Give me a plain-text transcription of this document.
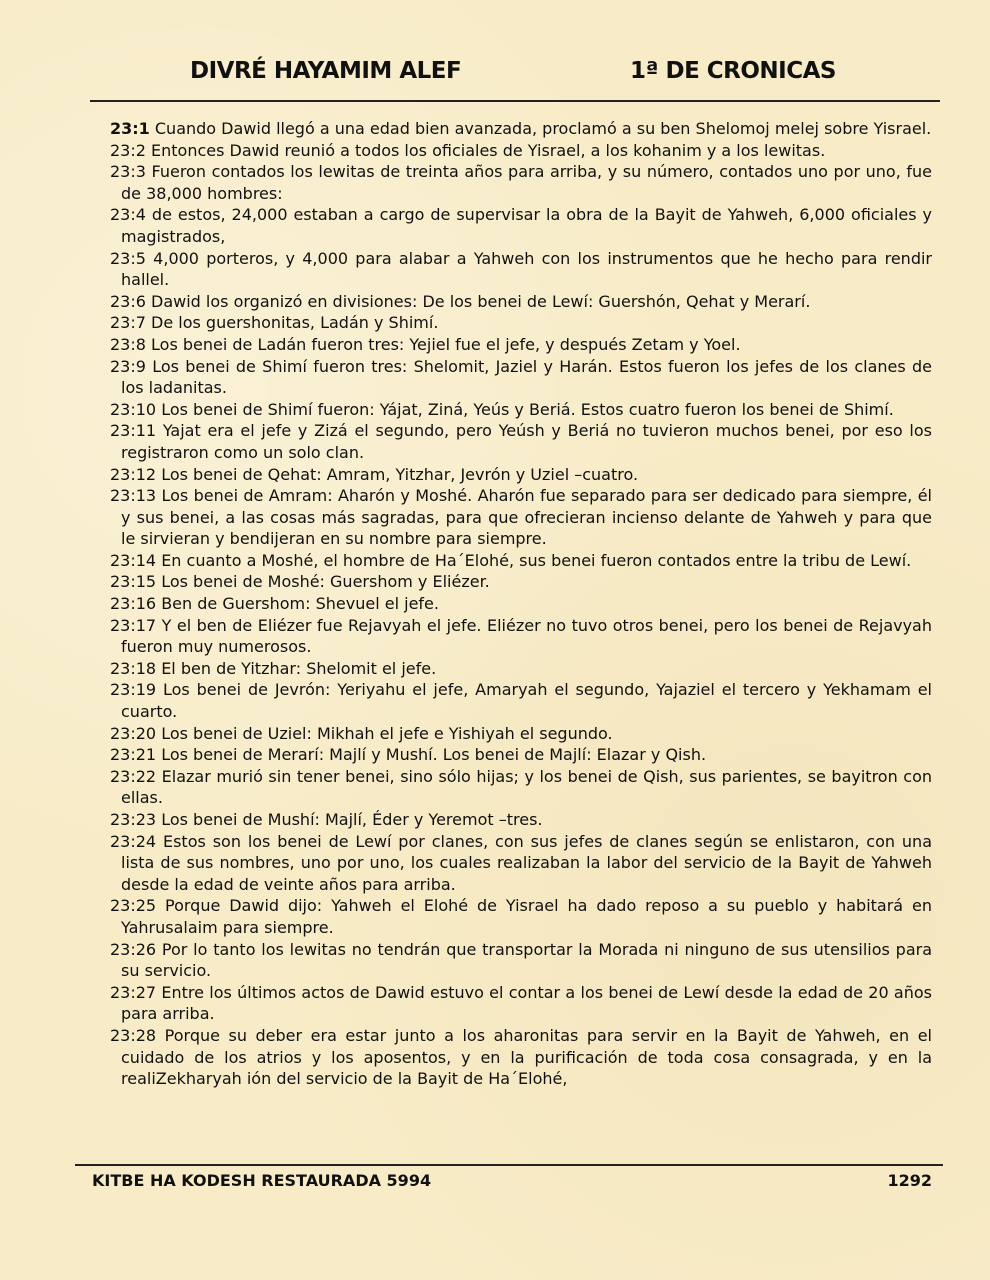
DIVRÉ HAYAMIM ALEF	1ª DE CRONICAS

23:1 Cuando Dawid llegó a una edad bien avanzada, proclamó a su ben Shelomoj melej sobre Yisrael.

23:2 Entonces Dawid reunió a todos los oficiales de Yisrael, a los kohanim y a los lewitas.

23:3 Fueron contados los lewitas de treinta años para arriba, y su número, contados uno por uno, fue de 38,000 hombres:

23:4 de estos, 24,000 estaban a cargo de supervisar la obra de la Bayit de Yahweh, 6,000 oficiales y magistrados,

23:5 4,000 porteros, y 4,000 para alabar a Yahweh con los instrumentos que he hecho para rendir hallel.

23:6 Dawid los organizó en divisiones: De los benei de Lewí: Guershón, Qehat y Merarí.

23:7 De los guershonitas, Ladán y Shimí.

23:8 Los benei de Ladán fueron tres: Yejiel fue el jefe, y después Zetam y Yoel.

23:9 Los benei de Shimí fueron tres: Shelomit, Jaziel y Harán. Estos fueron los jefes de los clanes de los ladanitas.

23:10 Los benei de Shimí fueron: Yájat, Ziná, Yeús y Beriá. Estos cuatro fueron los benei de Shimí.

23:11 Yajat era el jefe y Zizá el segundo, pero Yeúsh y Beriá no tuvieron muchos benei, por eso los registraron como un solo clan.

23:12 Los benei de Qehat: Amram, Yitzhar, Jevrón y Uziel –cuatro.

23:13 Los benei de Amram: Aharón y Moshé. Aharón fue separado para ser dedicado para siempre, él y sus benei, a las cosas más sagradas, para que ofrecieran incienso delante de Yahweh y para que le sirvieran y bendijeran en su nombre para siempre.

23:14 En cuanto a Moshé, el hombre de Ha´Elohé, sus benei fueron contados entre la tribu de Lewí.

23:15 Los benei de Moshé: Guershom y Eliézer.

23:16 Ben de Guershom: Shevuel el jefe.

23:17 Y el ben de Eliézer fue Rejavyah el jefe. Eliézer no tuvo otros benei, pero los benei de Rejavyah fueron muy numerosos.

23:18 El ben de Yitzhar: Shelomit el jefe.

23:19 Los benei de Jevrón: Yeriyahu el jefe, Amaryah el segundo, Yajaziel el tercero y Yekhamam el cuarto.

23:20 Los benei de Uziel: Mikhah el jefe e Yishiyah el segundo.

23:21 Los benei de Merarí: Majlí y Mushí. Los benei de Majlí: Elazar y Qish.

23:22 Elazar murió sin tener benei, sino sólo hijas; y los benei de Qish, sus parientes, se bayitron con ellas.

23:23 Los benei de Mushí: Majlí, Éder y Yeremot –tres.

23:24 Estos son los benei de Lewí por clanes, con sus jefes de clanes según se enlistaron, con una lista de sus nombres, uno por uno, los cuales realizaban la labor del servicio de la Bayit de Yahweh desde la edad de veinte años para arriba.

23:25 Porque Dawid dijo: Yahweh el Elohé de Yisrael ha dado reposo a su pueblo y habitará en Yahrusalaim para siempre.

23:26 Por lo tanto los lewitas no tendrán que transportar la Morada ni ninguno de sus utensilios para su servicio.

23:27 Entre los últimos actos de Dawid estuvo el contar a los benei de Lewí desde la edad de 20 años para arriba.

23:28 Porque su deber era estar junto a los aharonitas para servir en la Bayit de Yahweh, en el cuidado de los atrios y los aposentos, y en la purificación de toda cosa consagrada, y en la realiZekharyah ión del servicio de la Bayit de Ha´Elohé,

KITBE HA KODESH RESTAURADA 5994	1292
